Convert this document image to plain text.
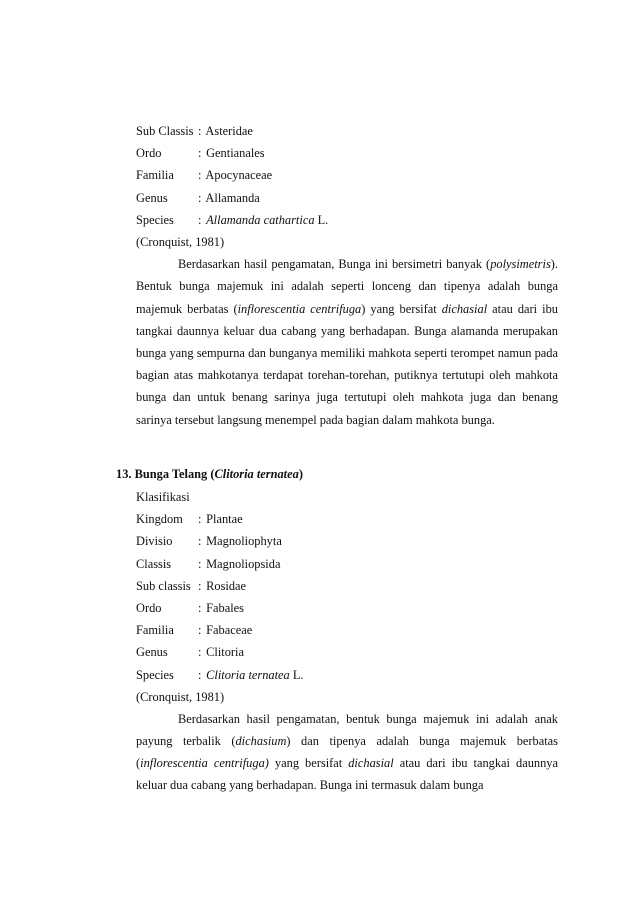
Sub Classis : Asteridae
Ordo	: Gentianales
Familia : Apocynaceae
Genus : Allamanda
Species : Allamanda cathartica L.
(Cronquist, 1981)
Berdasarkan hasil pengamatan, Bunga ini bersimetri banyak (polysimetris). Bentuk bunga majemuk ini adalah seperti lonceng dan tipenya adalah bunga majemuk berbatas (inflorescentia centrifuga) yang bersifat dichasial atau dari ibu tangkai daunnya keluar dua cabang yang berhadapan. Bunga alamanda merupakan bunga yang sempurna dan bunganya memiliki mahkota seperti terompet namun pada bagian atas mahkotanya terdapat torehan-torehan, putiknya tertutupi oleh mahkota bunga dan untuk benang sarinya juga tertutupi oleh mahkota juga dan benang sarinya tersebut langsung menempel pada bagian dalam mahkota bunga.
13. Bunga Telang (Clitoria ternatea)
Klasifikasi
Kingdom : Plantae
Divisio : Magnoliophyta
Classis : Magnoliopsida
Sub classis : Rosidae
Ordo	: Fabales
Familia : Fabaceae
Genus : Clitoria
Species : Clitoria ternatea L.
(Cronquist, 1981)
Berdasarkan hasil pengamatan, bentuk bunga majemuk ini adalah anak payung terbalik (dichasium) dan tipenya adalah bunga majemuk berbatas (inflorescentia centrifuga) yang bersifat dichasial atau dari ibu tangkai daunnya keluar dua cabang yang berhadapan. Bunga ini termasuk dalam bunga
